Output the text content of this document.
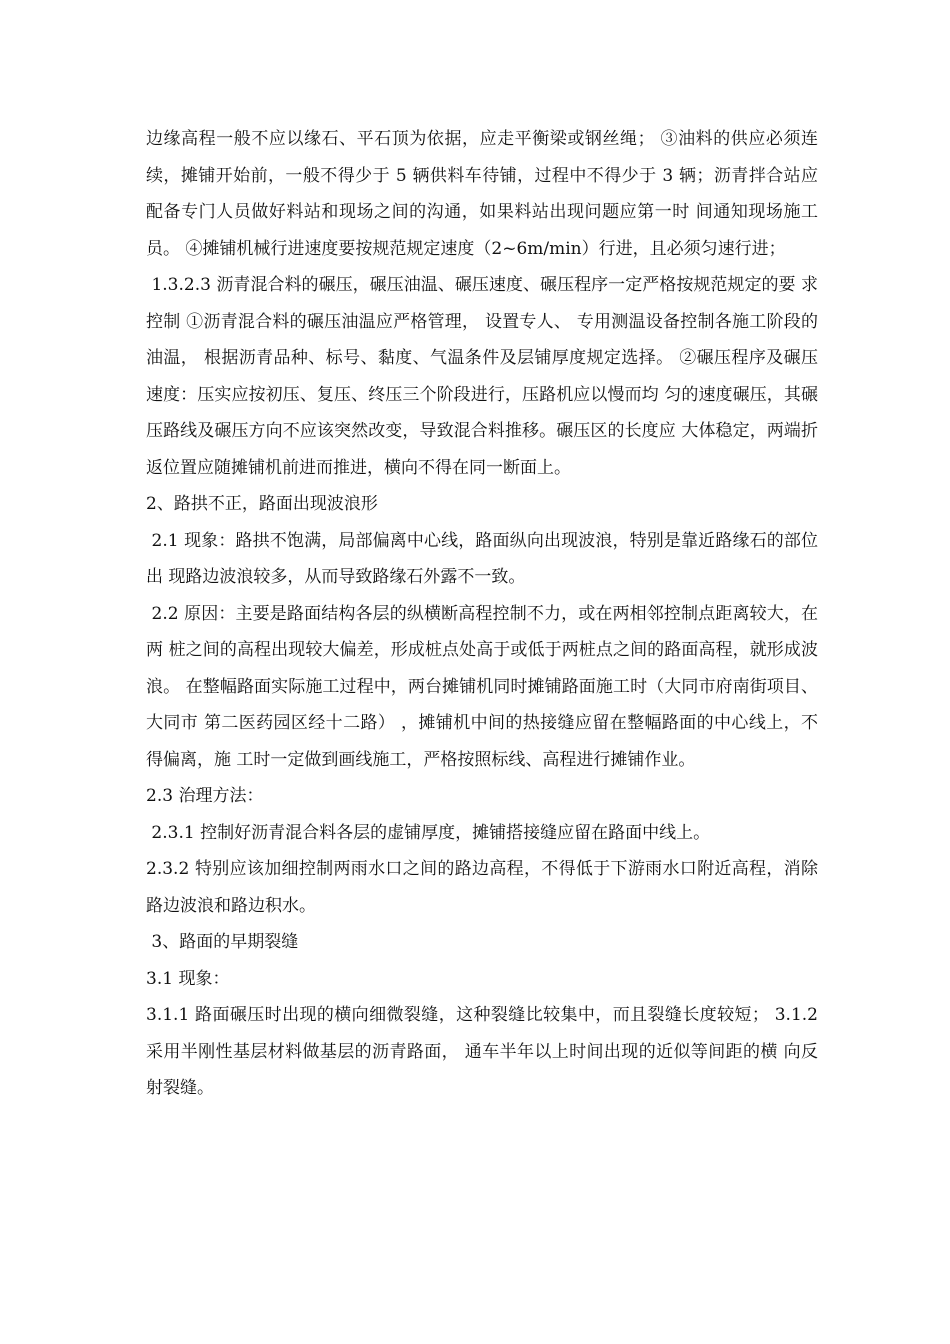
边缘高程一般不应以缘石、平石顶为依据，应走平衡梁或钢丝绳； ③油料的供应必须连续，摊铺开始前，一般不得少于 5 辆供料车待铺，过程中不得少于 3 辆；沥青拌合站应配备专门人员做好料站和现场之间的沟通，如果料站出现问题应第一时 间通知现场施工员。 ④摊铺机械行进速度要按规范规定速度（2~6m/min）行进，且必须匀速行进；

1.3.2.3 沥青混合料的碾压，碾压油温、碾压速度、碾压程序一定严格按规范规定的要 求控制 ①沥青混合料的碾压油温应严格管理， 设置专人、 专用测温设备控制各施工阶段的油温， 根据沥青品种、标号、黏度、气温条件及层铺厚度规定选择。 ②碾压程序及碾压速度：压实应按初压、复压、终压三个阶段进行，压路机应以慢而均 匀的速度碾压，其碾压路线及碾压方向不应该突然改变，导致混合料推移。碾压区的长度应 大体稳定，两端折返位置应随摊铺机前进而推进，横向不得在同一断面上。

2、路拱不正，路面出现波浪形

2.1 现象：路拱不饱满，局部偏离中心线，路面纵向出现波浪，特别是靠近路缘石的部位出 现路边波浪较多，从而导致路缘石外露不一致。

2.2 原因：主要是路面结构各层的纵横断高程控制不力，或在两相邻控制点距离较大，在两 桩之间的高程出现较大偏差，形成桩点处高于或低于两桩点之间的路面高程，就形成波浪。 在整幅路面实际施工过程中，两台摊铺机同时摊铺路面施工时（大同市府南街项目、大同市 第二医药园区经十二路） ，摊铺机中间的热接缝应留在整幅路面的中心线上，不得偏离，施 工时一定做到画线施工，严格按照标线、高程进行摊铺作业。

2.3 治理方法：

2.3.1 控制好沥青混合料各层的虚铺厚度，摊铺搭接缝应留在路面中线上。

2.3.2 特别应该加细控制两雨水口之间的路边高程，不得低于下游雨水口附近高程，消除 路边波浪和路边积水。

3、路面的早期裂缝

3.1 现象：

3.1.1 路面碾压时出现的横向细微裂缝，这种裂缝比较集中，而且裂缝长度较短； 3.1.2 采用半刚性基层材料做基层的沥青路面， 通车半年以上时间出现的近似等间距的横 向反射裂缝。
